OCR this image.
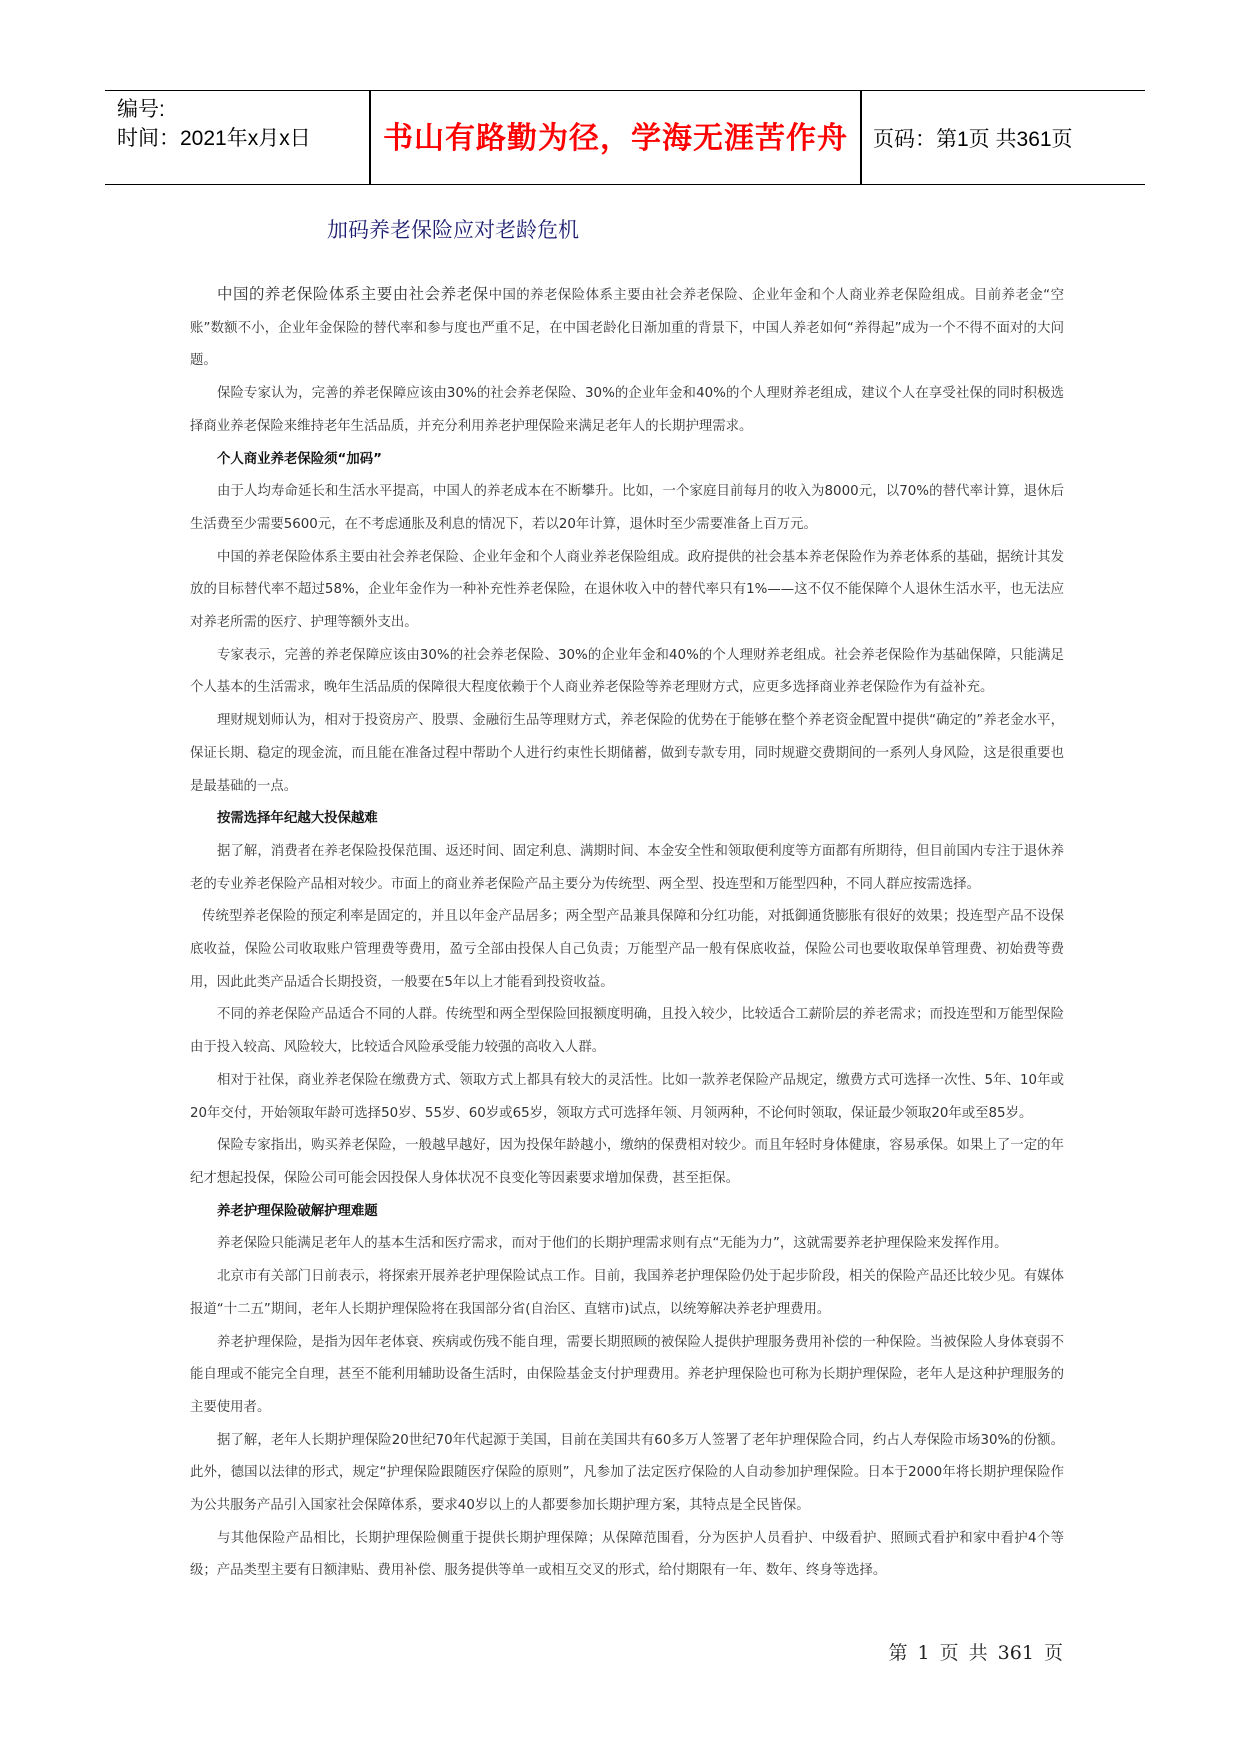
编号:
时间：2021年x月x日	书山有路勤为径，学海无涯苦作舟	页码：第1页 共361页
加码养老保险应对老龄危机

中国的养老保险体系主要由社会养老保中国的养老保险体系主要由社会养老保险、企业年金和个人商业养老保险组成。目前养老金“空账”数额不小，企业年金保险的替代率和参与度也严重不足，在中国老龄化日渐加重的背景下，中国人养老如何“养得起”成为一个不得不面对的大问题。

保险专家认为，完善的养老保障应该由30%的社会养老保险、30%的企业年金和40%的个人理财养老组成，建议个人在享受社保的同时积极选择商业养老保险来维持老年生活品质，并充分利用养老护理保险来满足老年人的长期护理需求。

个人商业养老保险须“加码”

由于人均寿命延长和生活水平提高，中国人的养老成本在不断攀升。比如，一个家庭目前每月的收入为8000元，以70%的替代率计算，退休后生活费至少需要5600元，在不考虑通胀及利息的情况下，若以20年计算，退休时至少需要准备上百万元。

中国的养老保险体系主要由社会养老保险、企业年金和个人商业养老保险组成。政府提供的社会基本养老保险作为养老体系的基础，据统计其发放的目标替代率不超过58%，企业年金作为一种补充性养老保险，在退休收入中的替代率只有1%——这不仅不能保障个人退休生活水平，也无法应对养老所需的医疗、护理等额外支出。

专家表示，完善的养老保障应该由30%的社会养老保险、30%的企业年金和40%的个人理财养老组成。社会养老保险作为基础保障，只能满足个人基本的生活需求，晚年生活品质的保障很大程度依赖于个人商业养老保险等养老理财方式，应更多选择商业养老保险作为有益补充。

理财规划师认为，相对于投资房产、股票、金融衍生品等理财方式，养老保险的优势在于能够在整个养老资金配置中提供“确定的”养老金水平，保证长期、稳定的现金流，而且能在准备过程中帮助个人进行约束性长期储蓄，做到专款专用，同时规避交费期间的一系列人身风险，这是很重要也是最基础的一点。

按需选择年纪越大投保越难

据了解，消费者在养老保险投保范围、返还时间、固定利息、满期时间、本金安全性和领取便利度等方面都有所期待，但目前国内专注于退休养老的专业养老保险产品相对较少。市面上的商业养老保险产品主要分为传统型、两全型、投连型和万能型四种，不同人群应按需选择。

传统型养老保险的预定利率是固定的，并且以年金产品居多；两全型产品兼具保障和分红功能，对抵御通货膨胀有很好的效果；投连型产品不设保底收益，保险公司收取账户管理费等费用，盈亏全部由投保人自己负责；万能型产品一般有保底收益，保险公司也要收取保单管理费、初始费等费用，因此此类产品适合长期投资，一般要在5年以上才能看到投资收益。

不同的养老保险产品适合不同的人群。传统型和两全型保险回报额度明确，且投入较少，比较适合工薪阶层的养老需求；而投连型和万能型保险由于投入较高、风险较大，比较适合风险承受能力较强的高收入人群。

相对于社保，商业养老保险在缴费方式、领取方式上都具有较大的灵活性。比如一款养老保险产品规定，缴费方式可选择一次性、5年、10年或20年交付，开始领取年龄可选择50岁、55岁、60岁或65岁，领取方式可选择年领、月领两种，不论何时领取，保证最少领取20年或至85岁。

保险专家指出，购买养老保险，一般越早越好，因为投保年龄越小，缴纳的保费相对较少。而且年轻时身体健康，容易承保。如果上了一定的年纪才想起投保，保险公司可能会因投保人身体状况不良变化等因素要求增加保费，甚至拒保。

养老护理保险破解护理难题

养老保险只能满足老年人的基本生活和医疗需求，而对于他们的长期护理需求则有点“无能为力”，这就需要养老护理保险来发挥作用。

北京市有关部门日前表示，将探索开展养老护理保险试点工作。目前，我国养老护理保险仍处于起步阶段，相关的保险产品还比较少见。有媒体报道“十二五”期间，老年人长期护理保险将在我国部分省(自治区、直辖市)试点，以统筹解决养老护理费用。

养老护理保险，是指为因年老体衰、疾病或伤残不能自理，需要长期照顾的被保险人提供护理服务费用补偿的一种保险。当被保险人身体衰弱不能自理或不能完全自理，甚至不能利用辅助设备生活时，由保险基金支付护理费用。养老护理保险也可称为长期护理保险，老年人是这种护理服务的主要使用者。

据了解，老年人长期护理保险20世纪70年代起源于美国，目前在美国共有60多万人签署了老年护理保险合同，约占人寿保险市场30%的份额。此外，德国以法律的形式，规定“护理保险跟随医疗保险的原则”，凡参加了法定医疗保险的人自动参加护理保险。日本于2000年将长期护理保险作为公共服务产品引入国家社会保障体系，要求40岁以上的人都要参加长期护理方案，其特点是全民皆保。

与其他保险产品相比，长期护理保险侧重于提供长期护理保障；从保障范围看，分为医护人员看护、中级看护、照顾式看护和家中看护4个等级；产品类型主要有日额津贴、费用补偿、服务提供等单一或相互交叉的形式，给付期限有一年、数年、终身等选择。

第 1 页 共 361 页
